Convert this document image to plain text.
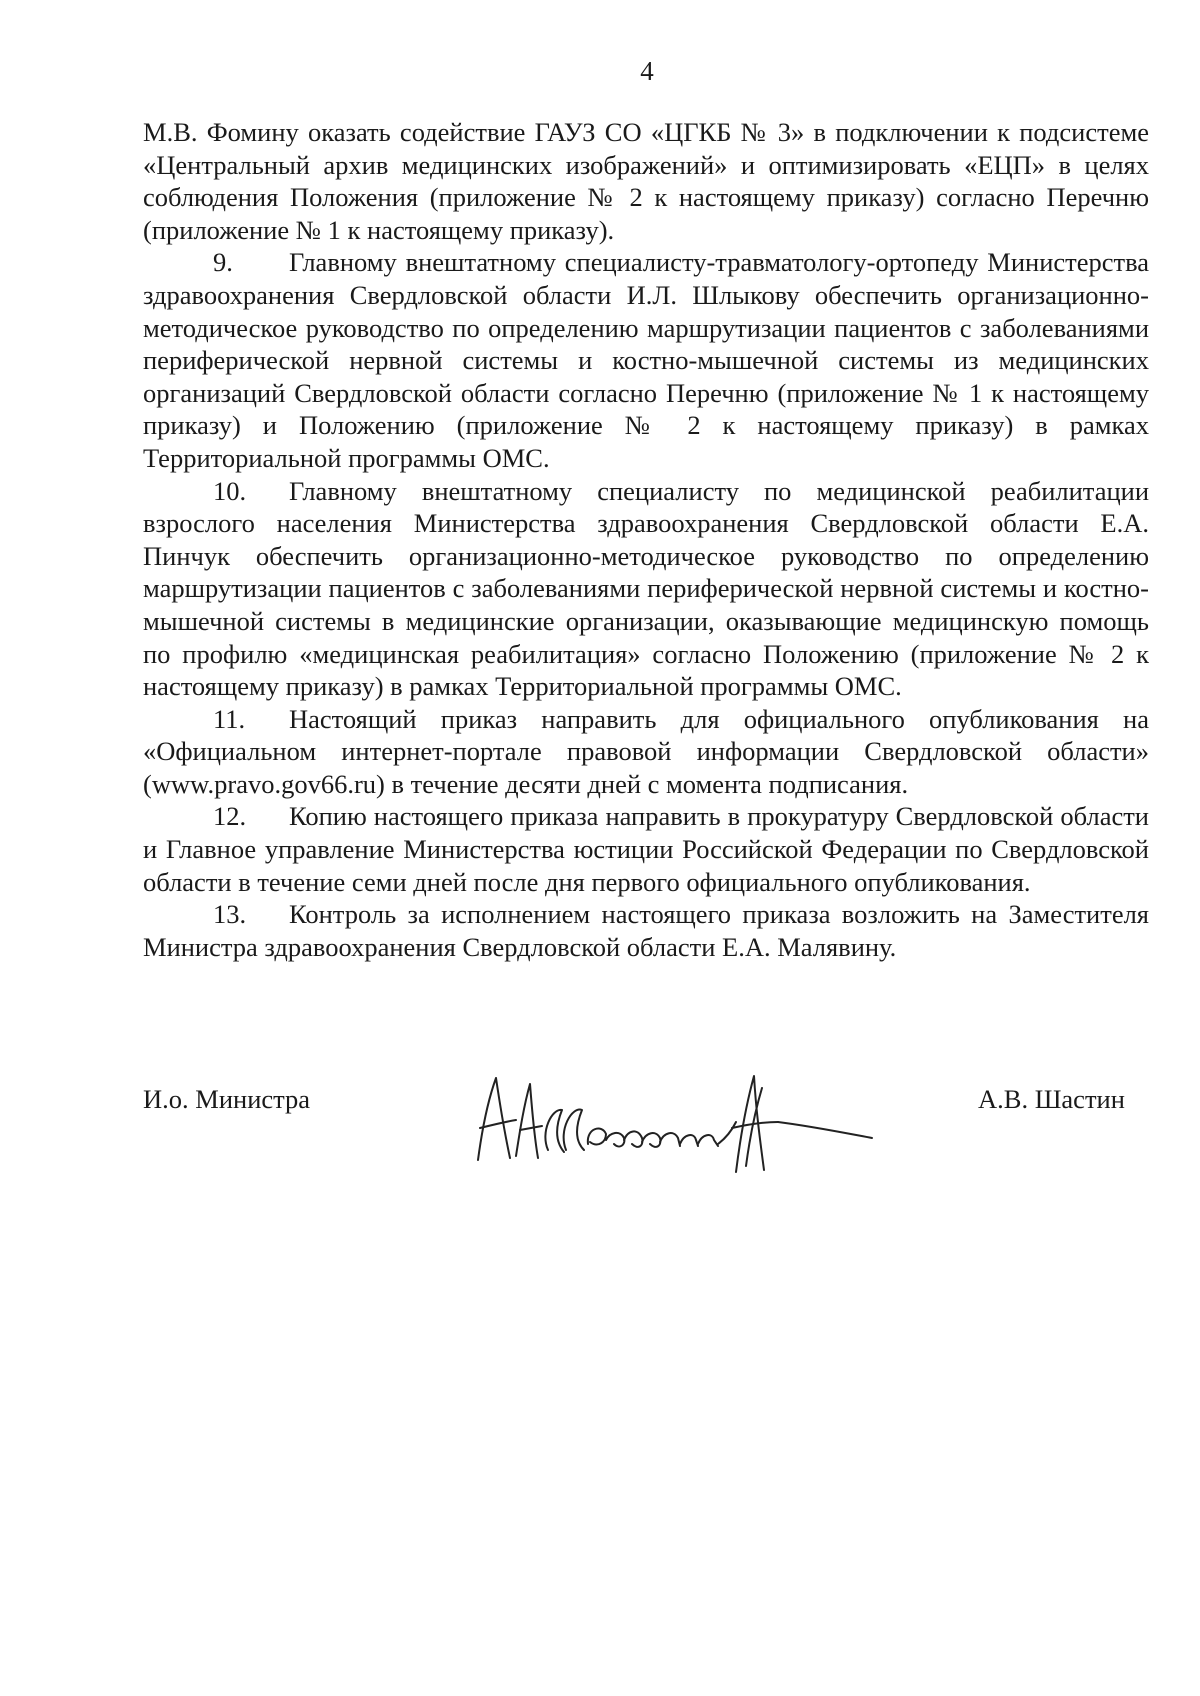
4

М.В. Фомину оказать содействие ГАУЗ СО «ЦГКБ № 3» в подключении к подсистеме «Центральный архив медицинских изображений» и оптимизировать «ЕЦП» в целях соблюдения Положения (приложение № 2 к настоящему приказу) согласно Перечню (приложение № 1 к настоящему приказу).

9. Главному внештатному специалисту-травматологу-ортопеду Министерства здравоохранения Свердловской области И.Л. Шлыкову обеспечить организационно-методическое руководство по определению маршрутизации пациентов с заболеваниями периферической нервной системы и костно-мышечной системы из медицинских организаций Свердловской области согласно Перечню (приложение № 1 к настоящему приказу) и Положению (приложение № 2 к настоящему приказу) в рамках Территориальной программы ОМС.

10. Главному внештатному специалисту по медицинской реабилитации взрослого населения Министерства здравоохранения Свердловской области Е.А. Пинчук обеспечить организационно-методическое руководство по определению маршрутизации пациентов с заболеваниями периферической нервной системы и костно-мышечной системы в медицинские организации, оказывающие медицинскую помощь по профилю «медицинская реабилитация» согласно Положению (приложение № 2 к настоящему приказу) в рамках Территориальной программы ОМС.

11. Настоящий приказ направить для официального опубликования на «Официальном интернет-портале правовой информации Свердловской области» (www.pravo.gov66.ru) в течение десяти дней с момента подписания.

12. Копию настоящего приказа направить в прокуратуру Свердловской области и Главное управление Министерства юстиции Российской Федерации по Свердловской области в течение семи дней после дня первого официального опубликования.

13. Контроль за исполнением настоящего приказа возложить на Заместителя Министра здравоохранения Свердловской области Е.А. Малявину.

И.о. Министра	А.В. Шастин
